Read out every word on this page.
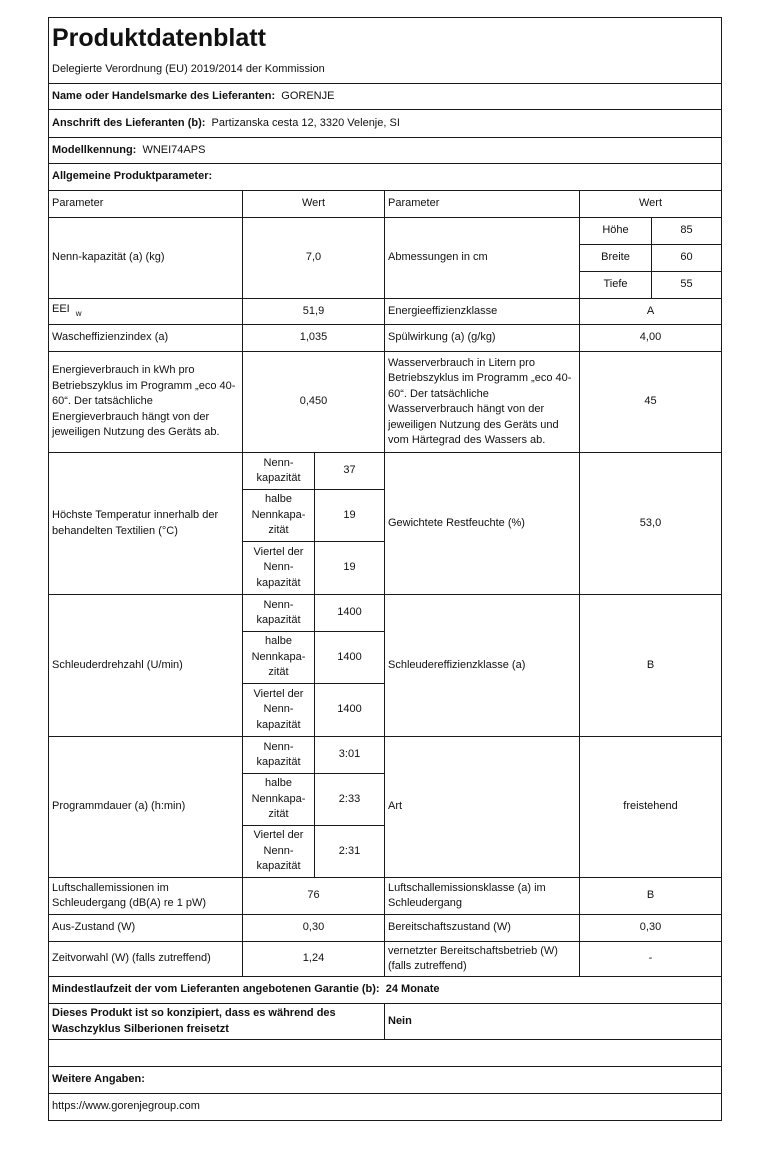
Produktdatenblatt					
Delegierte Verordnung (EU) 2019/2014 der Kommission					
Name oder Handelsmarke des Lieferanten: GORENJE					
Anschrift des Lieferanten (b): Partizanska cesta 12, 3320 Velenje, SI					
Modellkennung: WNEI74APS					
Allgemeine Produktparameter:					
Parameter	Wert		Parameter	Wert	
Nenn-kapazität (a) (kg)	7,0		Abmessungen in cm	Höhe	85
				Breite	60
				Tiefe	55
EEI $_w$	51,9		Energieeffizienzklasse	A	
Wascheffizienzindex (a)	1,035		Spülwirkung (a) (g/kg)	4,00	
Energieverbrauch in kWh pro Betriebszyklus im Programm „eco 40-60“. Der tatsächliche Energieverbrauch hängt von der jeweiligen Nutzung des Geräts ab.	0,450		Wasserverbrauch in Litern pro Betriebszyklus im Programm „eco 40-60“. Der tatsächliche Wasserverbrauch hängt von der jeweiligen Nutzung des Geräts und vom Härtegrad des Wassers ab.	45	
Höchste Temperatur innerhalb der behandelten Textilien (°C)	Nenn-kapazität	37	Gewichtete Restfeuchte (%)	53,0	
	halbe Nennkapa-zität	19			
	Viertel der Nenn-kapazität	19			
Schleuderdrehzahl (U/min)	Nenn-kapazität	1400	Schleudereffizienzklasse (a)	B	
	halbe Nennkapa-zität	1400			
	Viertel der Nenn-kapazität	1400			
Programmdauer (a) (h:min)	Nenn-kapazität	3:01	Art	freistehend	
	halbe Nennkapa-zität	2:33			
	Viertel der Nenn-kapazität	2:31			
Luftschallemissionen im Schleudergang (dB(A) re 1 pW)	76		Luftschallemissionsklasse (a) im Schleudergang	B	
Aus-Zustand (W)	0,30		Bereitschaftszustand (W)	0,30	
Zeitvorwahl (W) (falls zutreffend)	1,24		vernetzter Bereitschaftsbetrieb (W) (falls zutreffend)	-	
Mindestlaufzeit der vom Lieferanten angebotenen Garantie (b): 24 Monate					
Dieses Produkt ist so konzipiert, dass es während des Waschzyklus Silberionen freisetzt			Nein		

Weitere Angaben:					
https://www.gorenjegroup.com					
